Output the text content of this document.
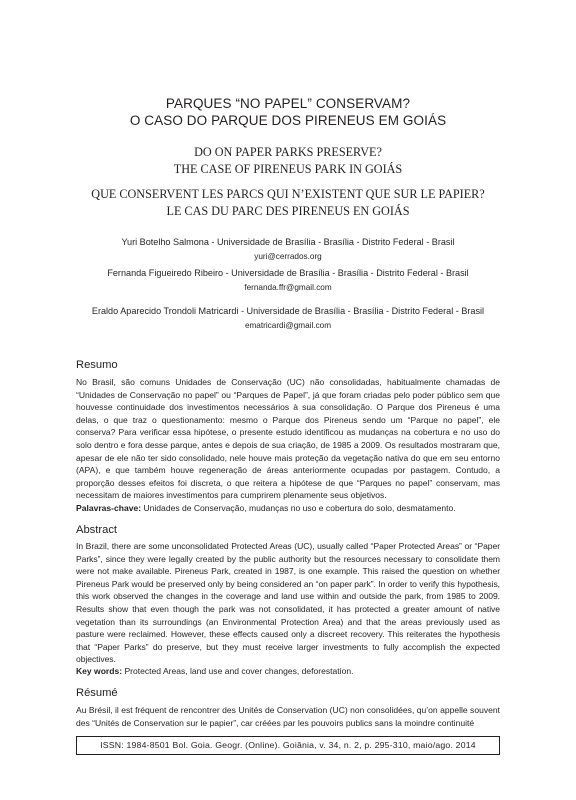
PARQUES “NO PAPEL” CONSERVAM?
O CASO DO PARQUE DOS PIRENEUS EM GOIÁS
DO ON PAPER PARKS PRESERVE?
THE CASE OF PIRENEUS PARK IN GOIÁS
QUE CONSERVENT LES PARCS QUI N’EXISTENT QUE SUR LE PAPIER?
LE CAS DU PARC DES PIRENEUS EN GOIÁS
Yuri Botelho Salmona - Universidade de Brasília - Brasília - Distrito Federal - Brasil
yuri@cerrados.org
Fernanda Figueiredo Ribeiro - Universidade de Brasília - Brasília - Distrito Federal - Brasil
fernanda.ffr@gmail.com
Eraldo Aparecido Trondoli Matricardi - Universidade de Brasília - Brasília - Distrito Federal - Brasil
ematricardi@gmail.com
Resumo
No Brasil, são comuns Unidades de Conservação (UC) não consolidadas, habitualmente chamadas de “Unidades de Conservação no papel” ou “Parques de Papel”, já que foram criadas pelo poder público sem que houvesse continuidade dos investimentos necessários à sua consolidação. O Parque dos Pireneus é uma delas, o que traz o questionamento: mesmo o Parque dos Pireneus sendo um “Parque no papel”, ele conserva? Para verificar essa hipótese, o presente estudo identificou as mudanças na cobertura e no uso do solo dentro e fora desse parque, antes e depois de sua criação, de 1985 a 2009. Os resultados mostraram que, apesar de ele não ter sido consolidado, nele houve mais proteção da vegetação nativa do que em seu entorno (APA), e que também houve regeneração de áreas anteriormente ocupadas por pastagem. Contudo, a proporção desses efeitos foi discreta, o que reitera a hipótese de que “Parques no papel” conservam, mas necessitam de maiores investimentos para cumprirem plenamente seus objetivos.
Palavras-chave: Unidades de Conservação, mudanças no uso e cobertura do solo, desmatamento.
Abstract
In Brazil, there are some unconsolidated Protected Areas (UC), usually called “Paper Protected Areas” or “Paper Parks”, since they were legally created by the public authority but the resources necessary to consolidate them were not make available. Pireneus Park, created in 1987, is one example. This raised the question on whether Pireneus Park would be preserved only by being considered an “on paper park”. In order to verify this hypothesis, this work observed the changes in the coverage and land use within and outside the park, from 1985 to 2009. Results show that even though the park was not consolidated, it has protected a greater amount of native vegetation than its surroundings (an Environmental Protection Area) and that the areas previously used as pasture were reclaimed. However, these effects caused only a discreet recovery. This reiterates the hypothesis that “Paper Parks” do preserve, but they must receive larger investments to fully accomplish the expected objectives.
Key words: Protected Areas, land use and cover changes, deforestation.
Résumé
Au Brésil, il est fréquent de rencontrer des Unités de Conservation (UC) non consolidées, qu’on appelle souvent des “Unités de Conservation sur le papier”, car créées par les pouvoirs publics sans la moindre continuité
ISSN: 1984-8501 Bol. Goia. Geogr. (Online). Goiânia, v. 34, n. 2, p. 295-310, maio/ago. 2014
